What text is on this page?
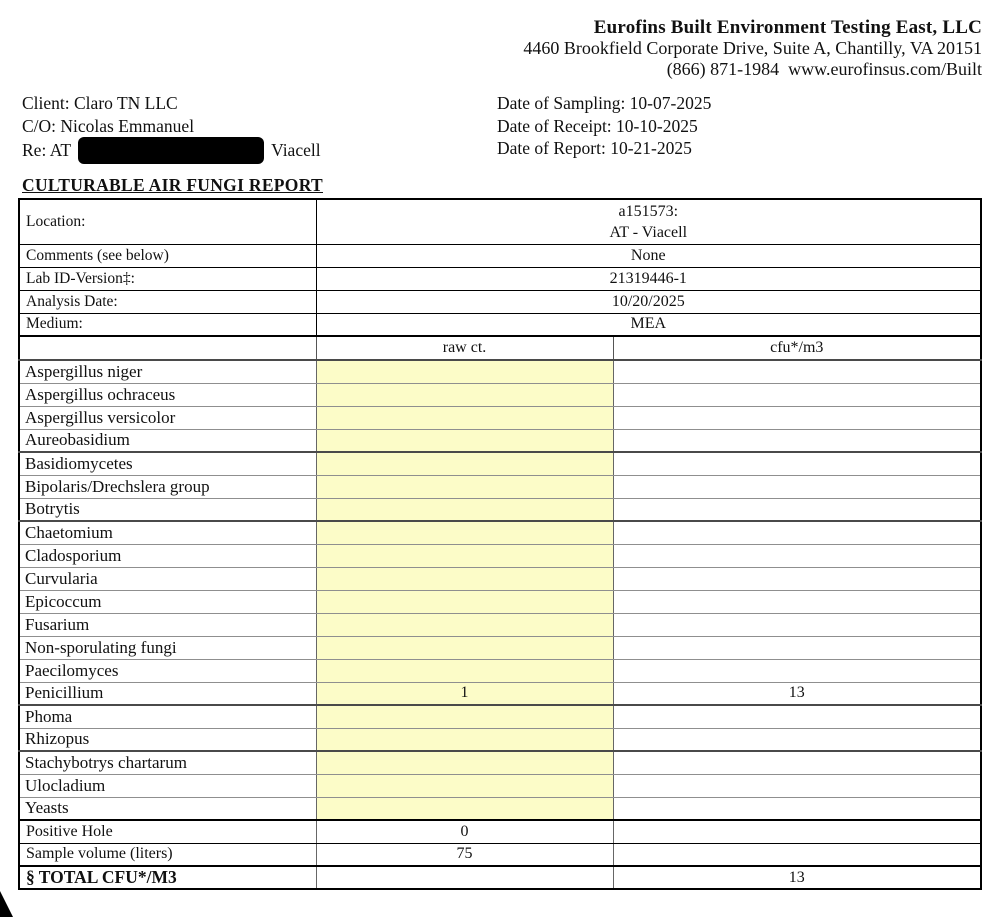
Eurofins Built Environment Testing East, LLC
4460 Brookfield Corporate Drive, Suite A, Chantilly, VA 20151
(866) 871-1984  www.eurofinsus.com/Built
Client: Claro TN LLC
C/O: Nicolas Emmanuel
Re: AT	Viacell
Date of Sampling: 10-07-2025
Date of Receipt: 10-10-2025
Date of Report: 10-21-2025
CULTURABLE AIR FUNGI REPORT
Location:	a151573:
AT - Viacell	

Comments (see below)	None	

Lab ID-Version‡:	21319446-1	

Analysis Date:	10/20/2025	

Medium:	MEA	

	raw ct.	cfu*/m3
Aspergillus niger		
Aspergillus ochraceus		
Aspergillus versicolor		
Aureobasidium		
Basidiomycetes		
Bipolaris/Drechslera group		
Botrytis		
Chaetomium		
Cladosporium		
Curvularia		
Epicoccum		
Fusarium		
Non-sporulating fungi		
Paecilomyces		
Penicillium	1	13
Phoma		
Rhizopus		
Stachybotrys chartarum		
Ulocladium		
Yeasts		
Positive Hole	0	
Sample volume (liters)	75	
§ TOTAL CFU*/M3		13
